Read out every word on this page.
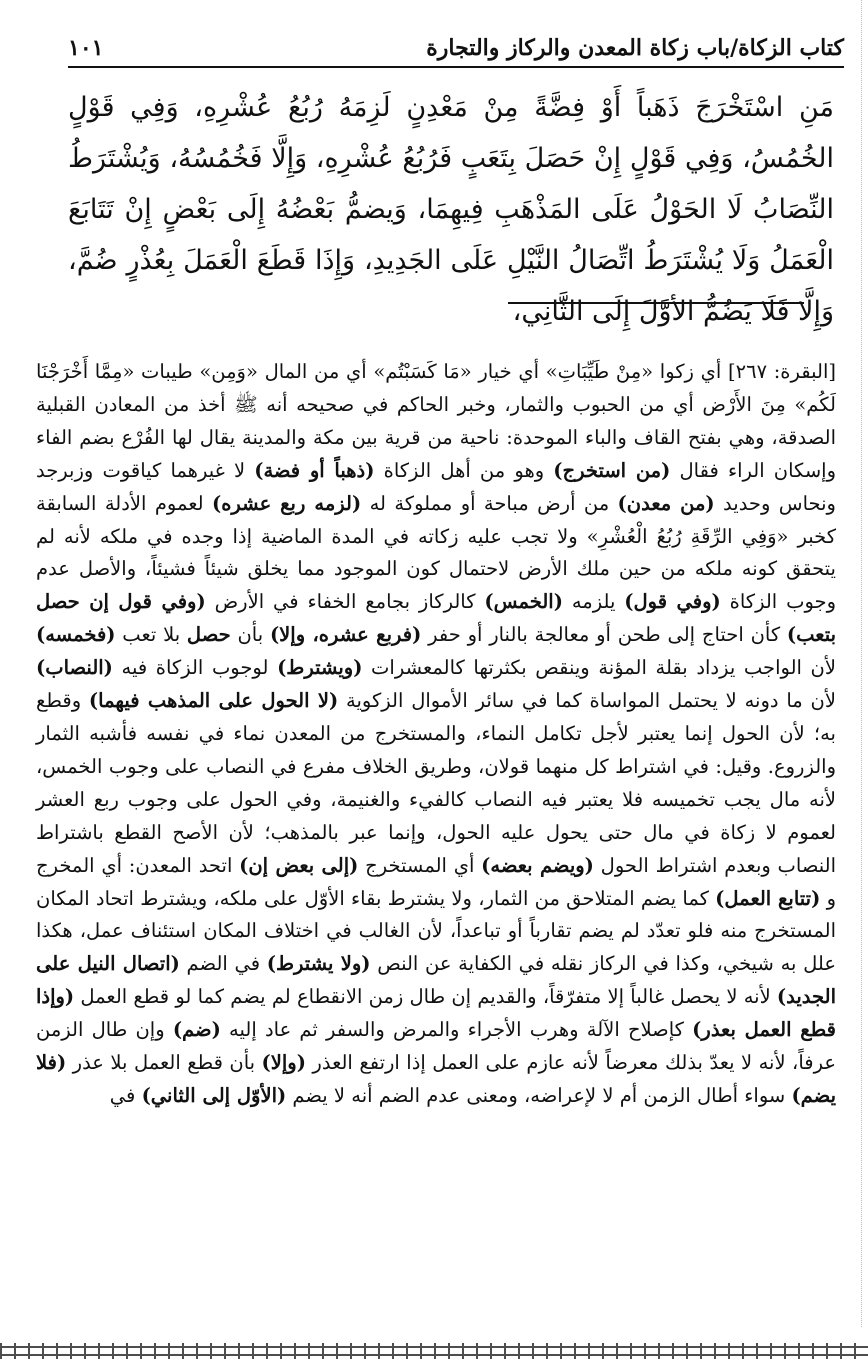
كتاب الزكاة/باب زكاة المعدن والركاز والتجارة
١٠١
مَنِ اسْتَخْرَجَ ذَهَباً أَوْ فِضَّةً مِنْ مَعْدِنٍ لَزِمَهُ رُبُعُ عُشْرِهِ، وَفِي قَوْلٍ الخُمُسُ، وَفِي قَوْلٍ إِنْ حَصَلَ بِتَعَبٍ فَرُبُعُ عُشْرِهِ، وَإِلَّا فَخُمُسُهُ، وَيُشْتَرَطُ النِّصَابُ لَا الحَوْلُ عَلَى المَذْهَبِ فِيهِمَا، وَيضمُّ بَعْضُهُ إِلَى بَعْضٍ إِنْ تَتَابَعَ الْعَمَلُ وَلَا يُشْتَرَطُ اتِّصَالُ النَّيْلِ عَلَى الجَدِيدِ، وَإِذَا قَطَعَ الْعَمَلَ بِعُذْرٍ ضُمَّ، وَإِلَّا فَلَا يَضُمُّ الأوَّلَ إِلَى الثَّانِي،

[البقرة: ٢٦٧] أي زكوا «مِنْ طَيِّبَاتِ» أي خيار «مَا كَسَبْتُم» أي من المال «وَمِن» طيبات «مِمَّا أَخْرَجْنَا لَكُم» مِنَ الأَرْض أي من الحبوب والثمار، وخبر الحاكم في صحيحه أنه ﷺ أخذ من المعادن القبلية الصدقة، وهي بفتح القاف والباء الموحدة: ناحية من قرية بين مكة والمدينة يقال لها الفُرْع بضم الفاء وإسكان الراء فقال (من استخرج) وهو من أهل الزكاة (ذهباً أو فضة) لا غيرهما كياقوت وزبرجد ونحاس وحديد (من معدن) من أرض مباحة أو مملوكة له (لزمه ربع عشره) لعموم الأدلة السابقة كخبر «وَفِي الرِّقَةِ رُبُعُ الْعُشْرِ» ولا تجب عليه زكاته في المدة الماضية إذا وجده في ملكه لأنه لم يتحقق كونه ملكه من حين ملك الأرض لاحتمال كون الموجود مما يخلق شيئاً فشيئاً، والأصل عدم وجوب الزكاة (وفي قول) يلزمه (الخمس) كالركاز بجامع الخفاء في الأرض (وفي قول إن حصل بتعب) كأن احتاج إلى طحن أو معالجة بالنار أو حفر (فربع عشره، وإلا) بأن حصل بلا تعب (فخمسه) لأن الواجب يزداد بقلة المؤنة وينقص بكثرتها كالمعشرات (ويشترط) لوجوب الزكاة فيه (النصاب) لأن ما دونه لا يحتمل المواساة كما في سائر الأموال الزكوية (لا الحول على المذهب فيهما) وقطع به؛ لأن الحول إنما يعتبر لأجل تكامل النماء، والمستخرج من المعدن نماء في نفسه فأشبه الثمار والزروع. وقيل: في اشتراط كل منهما قولان، وطريق الخلاف مفرع في النصاب على وجوب الخمس، لأنه مال يجب تخميسه فلا يعتبر فيه النصاب كالفيء والغنيمة، وفي الحول على وجوب ربع العشر لعموم لا زكاة في مال حتى يحول عليه الحول، وإنما عبر بالمذهب؛ لأن الأصح القطع باشتراط النصاب وبعدم اشتراط الحول (ويضم بعضه) أي المستخرج (إلى بعض إن) اتحد المعدن: أي المخرج و (تتابع العمل) كما يضم المتلاحق من الثمار، ولا يشترط بقاء الأوّل على ملكه، ويشترط اتحاد المكان المستخرج منه فلو تعدّد لم يضم تقارباً أو تباعداً، لأن الغالب في اختلاف المكان استئناف عمل، هكذا علل به شيخي، وكذا في الركاز نقله في الكفاية عن النص (ولا يشترط) في الضم (اتصال النيل على الجديد) لأنه لا يحصل غالباً إلا متفرّقاً، والقديم إن طال زمن الانقطاع لم يضم كما لو قطع العمل (وإذا قطع العمل بعذر) كإصلاح الآلة وهرب الأجراء والمرض والسفر ثم عاد إليه (ضم) وإن طال الزمن عرفاً، لأنه لا يعدّ بذلك معرضاً لأنه عازم على العمل إذا ارتفع العذر (وإلا) بأن قطع العمل بلا عذر (فلا يضم) سواء أطال الزمن أم لا لإعراضه، ومعنى عدم الضم أنه لا يضم (الأوّل إلى الثاني) في
